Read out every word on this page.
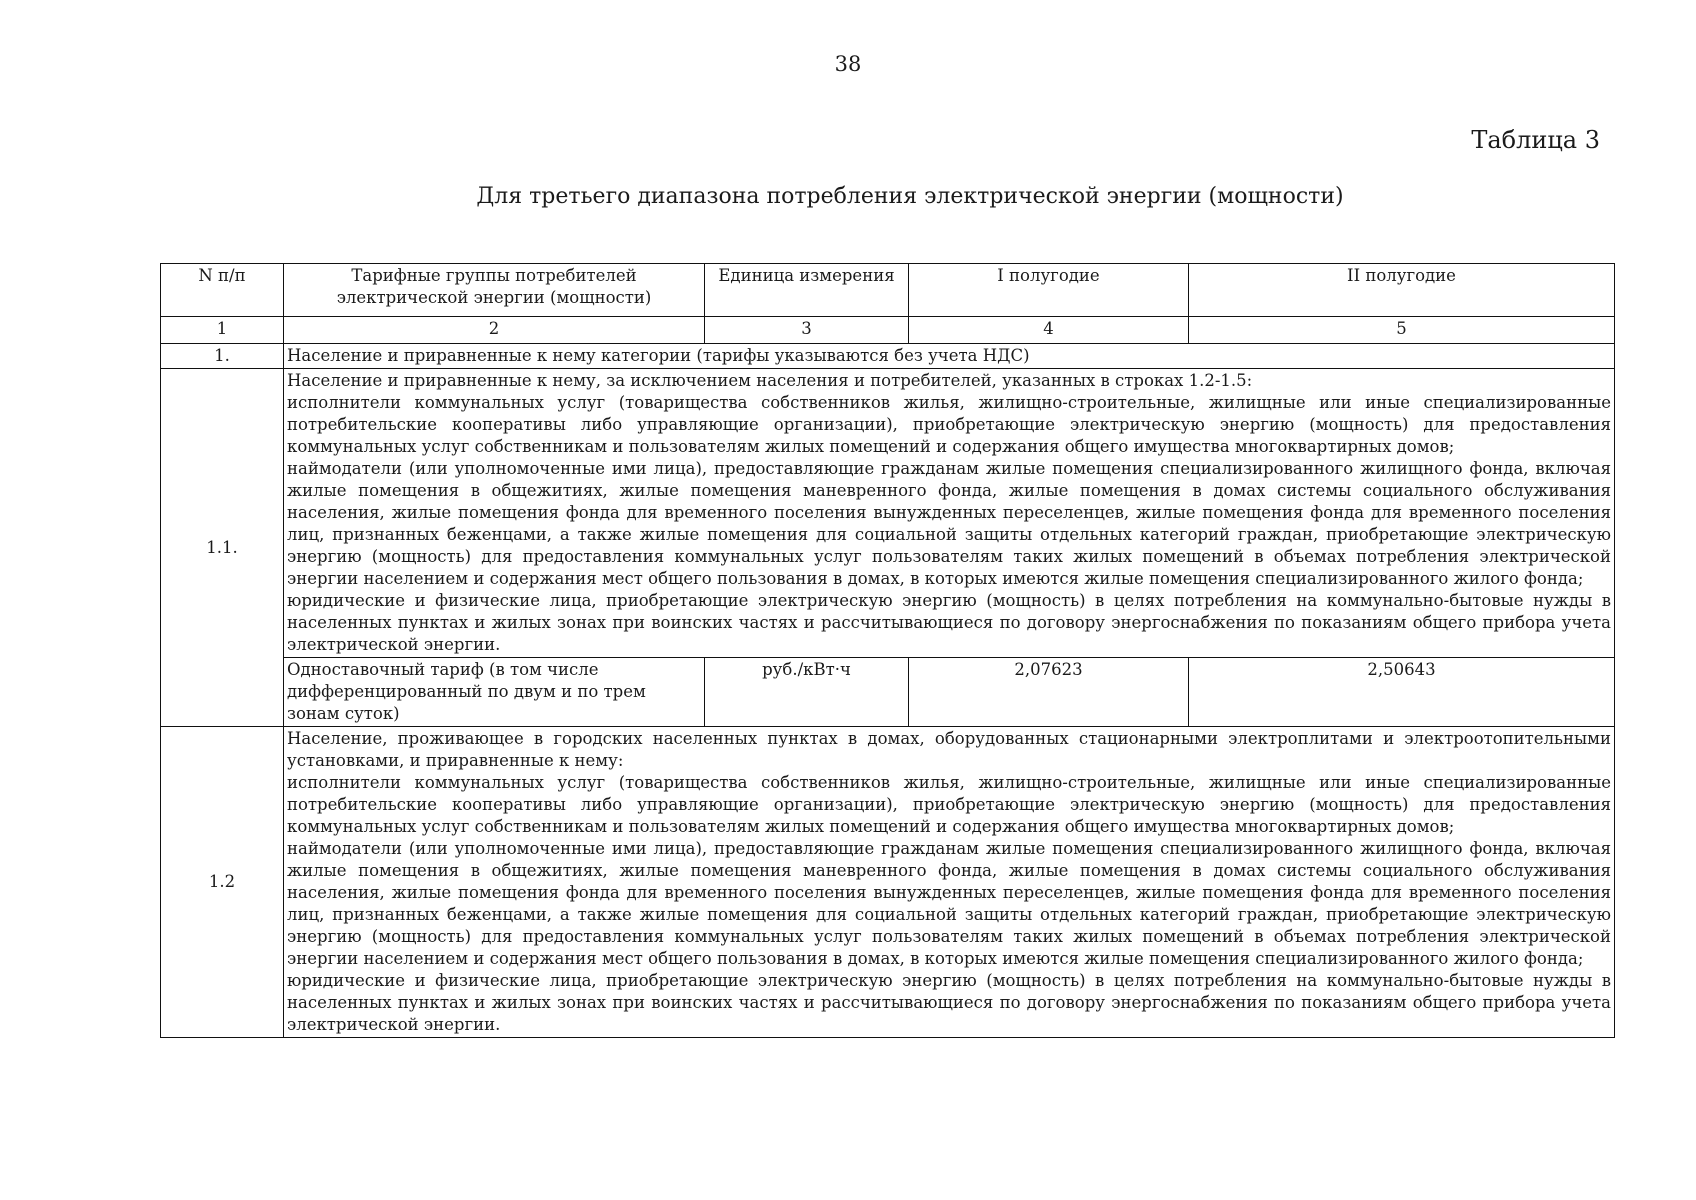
38
Таблица 3
Для третьего диапазона потребления электрической энергии (мощности)
N п/п	Тарифные группы потребителей электрической энергии (мощности)	Единица измерения	I полугодие	II полугодие
1	2	3	4	5
1.	Население и приравненные к нему категории (тарифы указываются без учета НДС)			
1.1.	Население и приравненные к нему, за исключением населения и потребителей, указанных в строках 1.2-1.5:
исполнители коммунальных услуг (товарищества собственников жилья, жилищно-строительные, жилищные или иные специализированные потребительские кооперативы либо управляющие организации), приобретающие электрическую энергию (мощность) для предоставления коммунальных услуг собственникам и пользователям жилых помещений и содержания общего имущества многоквартирных домов;
наймодатели (или уполномоченные ими лица), предоставляющие гражданам жилые помещения специализированного жилищного фонда, включая жилые помещения в общежитиях, жилые помещения маневренного фонда, жилые помещения в домах системы социального обслуживания населения, жилые помещения фонда для временного поселения вынужденных переселенцев, жилые помещения фонда для временного поселения лиц, признанных беженцами, а также жилые помещения для социальной защиты отдельных категорий граждан, приобретающие электрическую энергию (мощность) для предоставления коммунальных услуг пользователям таких жилых помещений в объемах потребления электрической энергии населением и содержания мест общего пользования в домах, в которых имеются жилые помещения специализированного жилого фонда;
юридические и физические лица, приобретающие электрическую энергию (мощность) в целях потребления на коммунально-бытовые нужды в населенных пунктах и жилых зонах при воинских частях и рассчитывающиеся по договору энергоснабжения по показаниям общего прибора учета электрической энергии.			

	Одноставочный тариф (в том числе дифференцированный по двум и по трем зонам суток)	руб./кВт·ч	2,07623	2,50643
1.2	Население, проживающее в городских населенных пунктах в домах, оборудованных стационарными электроплитами и электроотопительными установками, и приравненные к нему:
исполнители коммунальных услуг (товарищества собственников жилья, жилищно-строительные, жилищные или иные специализированные потребительские кооперативы либо управляющие организации), приобретающие электрическую энергию (мощность) для предоставления коммунальных услуг собственникам и пользователям жилых помещений и содержания общего имущества многоквартирных домов;
наймодатели (или уполномоченные ими лица), предоставляющие гражданам жилые помещения специализированного жилищного фонда, включая жилые помещения в общежитиях, жилые помещения маневренного фонда, жилые помещения в домах системы социального обслуживания населения, жилые помещения фонда для временного поселения вынужденных переселенцев, жилые помещения фонда для временного поселения лиц, признанных беженцами, а также жилые помещения для социальной защиты отдельных категорий граждан, приобретающие электрическую энергию (мощность) для предоставления коммунальных услуг пользователям таких жилых помещений в объемах потребления электрической энергии населением и содержания мест общего пользования в домах, в которых имеются жилые помещения специализированного жилого фонда;
юридические и физические лица, приобретающие электрическую энергию (мощность) в целях потребления на коммунально-бытовые нужды в населенных пунктах и жилых зонах при воинских частях и рассчитывающиеся по договору энергоснабжения по показаниям общего прибора учета электрической энергии.			
